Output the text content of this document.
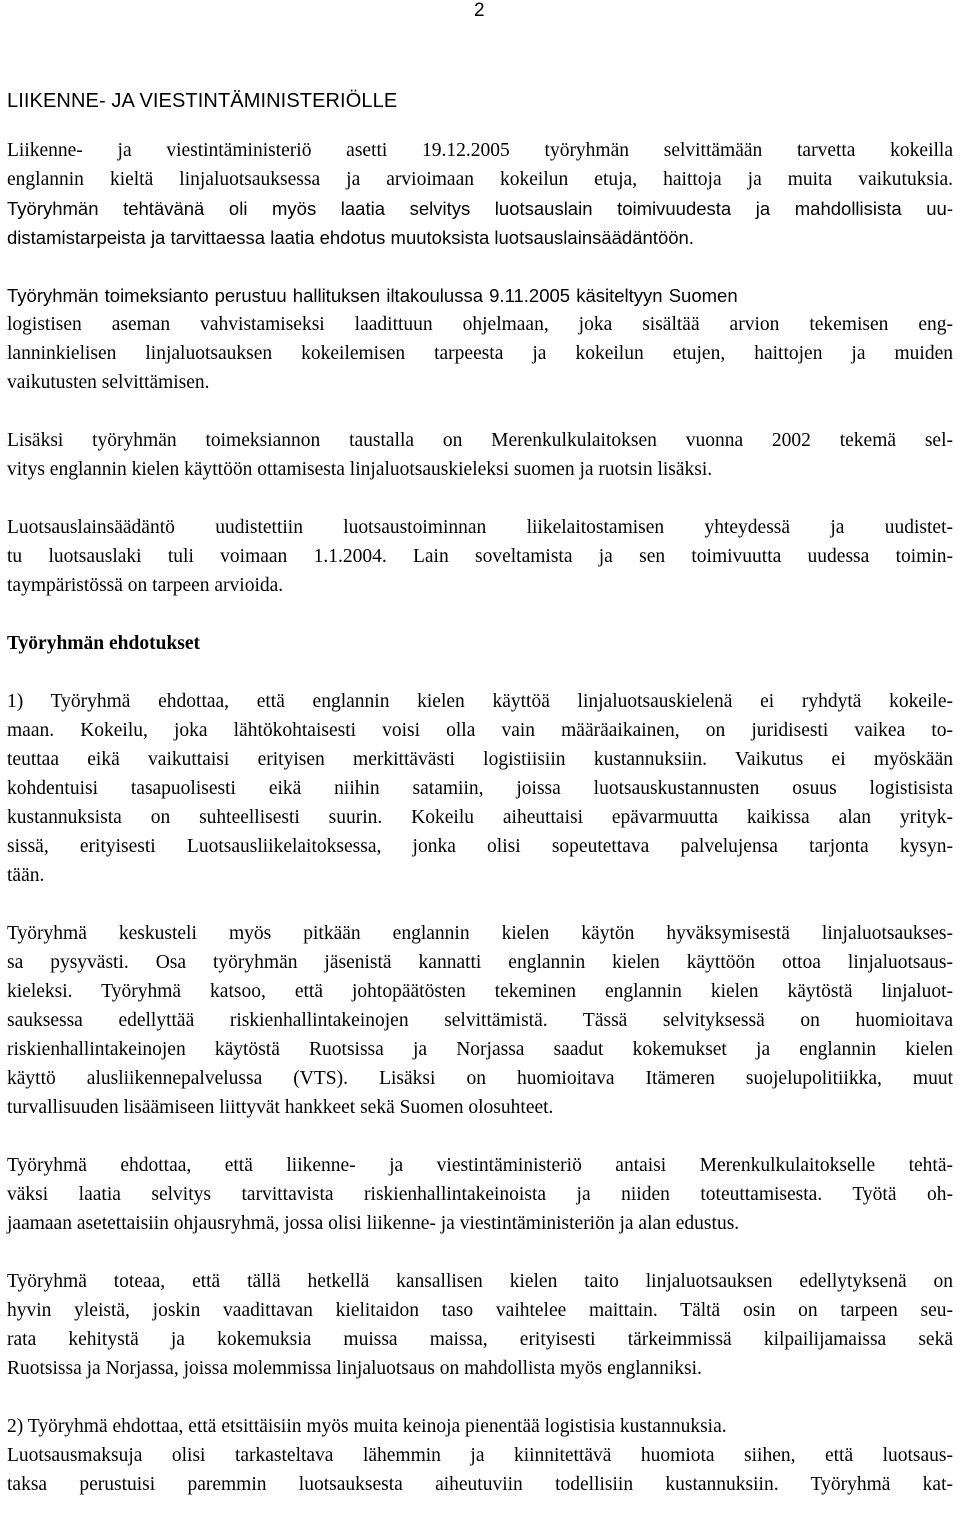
2
LIIKENNE- JA VIESTINTÄMINISTERIÖLLE
Liikenne- ja viestintäministeriö asetti 19.12.2005 työryhmän selvittämään tarvetta kokeilla
englannin kieltä linjaluotsauksessa ja arvioimaan kokeilun etuja, haittoja ja muita vaikutuksia.
Työryhmän tehtävänä oli myös laatia selvitys luotsauslain toimivuudesta ja mahdollisista uu-
distamistarpeista ja tarvittaessa laatia ehdotus muutoksista luotsauslainsäädäntöön.
Työryhmän toimeksianto perustuu hallituksen iltakoulussa 9.11.2005 käsiteltyyn Suomen
logistisen aseman vahvistamiseksi laadittuun ohjelmaan, joka sisältää arvion tekemisen eng-
lanninkielisen linjaluotsauksen kokeilemisen tarpeesta ja kokeilun etujen, haittojen ja muiden
vaikutusten selvittämisen.
Lisäksi työryhmän toimeksiannon taustalla on Merenkulkulaitoksen vuonna 2002 tekemä sel-
vitys englannin kielen käyttöön ottamisesta linjaluotsauskieleksi suomen ja ruotsin lisäksi.
Luotsauslainsäädäntö uudistettiin luotsaustoiminnan liikelaitostamisen yhteydessä ja uudistet-
tu luotsauslaki tuli voimaan 1.1.2004. Lain soveltamista ja sen toimivuutta uudessa toimin-
taympäristössä on tarpeen arvioida.
Työryhmän ehdotukset
1) Työryhmä ehdottaa, että englannin kielen käyttöä linjaluotsauskielenä ei ryhdytä kokeile-
maan. Kokeilu, joka lähtökohtaisesti voisi olla vain määräaikainen, on juridisesti vaikea to-
teuttaa eikä vaikuttaisi erityisen merkittävästi logistiisiin kustannuksiin. Vaikutus ei myöskään
kohdentuisi tasapuolisesti eikä niihin satamiin, joissa luotsauskustannusten osuus logistisista
kustannuksista on suhteellisesti suurin. Kokeilu aiheuttaisi epävarmuutta kaikissa alan yrityk-
sissä, erityisesti Luotsausliikelaitoksessa, jonka olisi sopeutettava palvelujensa tarjonta kysyn-
tään.
Työryhmä keskusteli myös pitkään englannin kielen käytön hyväksymisestä linjaluotsaukses-
sa pysyvästi. Osa työryhmän jäsenistä kannatti englannin kielen käyttöön ottoa linjaluotsaus-
kieleksi. Työryhmä katsoo, että johtopäätösten tekeminen englannin kielen käytöstä linjaluot-
sauksessa edellyttää riskienhallintakeinojen selvittämistä. Tässä selvityksessä on huomioitava
riskienhallintakeinojen käytöstä Ruotsissa ja Norjassa saadut kokemukset ja englannin kielen
käyttö alusliikennepalvelussa (VTS). Lisäksi on huomioitava Itämeren suojelupolitiikka, muut
turvallisuuden lisäämiseen liittyvät hankkeet sekä Suomen olosuhteet.
Työryhmä ehdottaa, että liikenne- ja viestintäministeriö antaisi Merenkulkulaitokselle tehtä-
väksi laatia selvitys tarvittavista riskienhallintakeinoista ja niiden toteuttamisesta. Työtä oh-
jaamaan asetettaisiin ohjausryhmä, jossa olisi liikenne- ja viestintäministeriön ja alan edustus.
Työryhmä toteaa, että tällä hetkellä kansallisen kielen taito linjaluotsauksen edellytyksenä on
hyvin yleistä, joskin vaadittavan kielitaidon taso vaihtelee maittain. Tältä osin on tarpeen seu-
rata kehitystä ja kokemuksia muissa maissa, erityisesti tärkeimmissä kilpailijamaissa sekä
Ruotsissa ja Norjassa, joissa molemmissa linjaluotsaus on mahdollista myös englanniksi.
2) Työryhmä ehdottaa, että etsittäisiin myös muita keinoja pienentää logistisia kustannuksia.
Luotsausmaksuja olisi tarkasteltava lähemmin ja kiinnitettävä huomiota siihen, että luotsaus-
taksa perustuisi paremmin luotsauksesta aiheutuviin todellisiin kustannuksiin. Työryhmä kat-
